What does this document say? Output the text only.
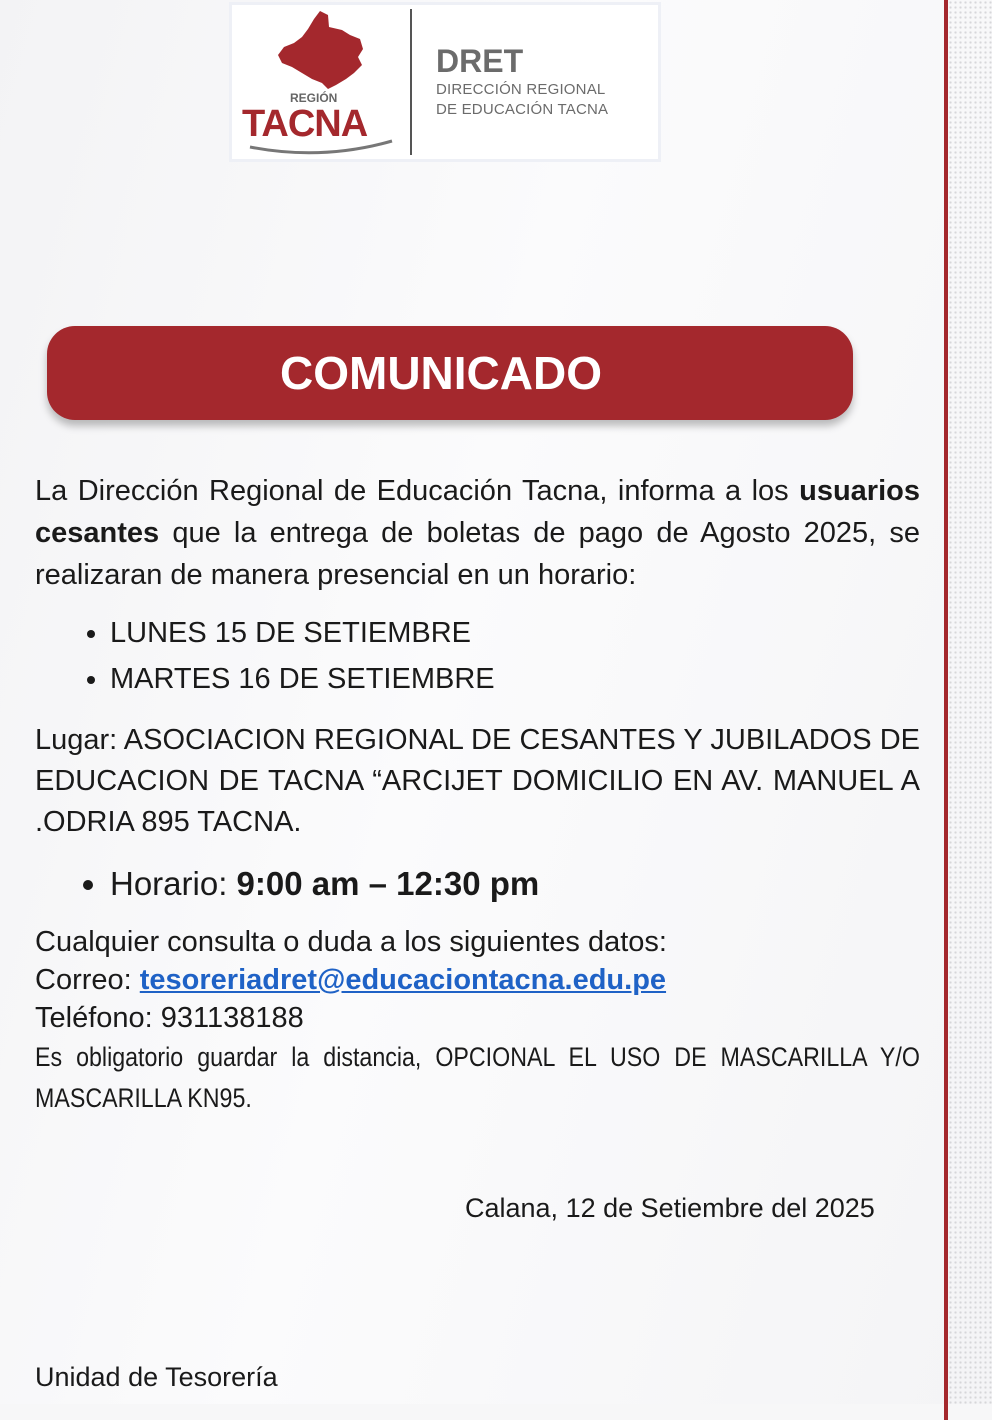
REGIÓN
TACNA
DRET
DIRECCIÓN REGIONAL
DE EDUCACIÓN TACNA
COMUNICADO

La Dirección Regional de Educación Tacna, informa a los usuarios cesantes que la entrega de boletas de pago de Agosto 2025, se realizaran de manera presencial en un horario:

• LUNES 15 DE SETIEMBRE
• MARTES 16 DE SETIEMBRE
Lugar: ASOCIACION REGIONAL DE CESANTES Y JUBILADOS DE EDUCACION DE TACNA “ARCIJET DOMICILIO EN AV. MANUEL A .ODRIA 895 TACNA.
• Horario: 9:00 am – 12:30 pm
Cualquier consulta o duda a los siguientes datos:
Correo: tesoreriadret@educaciontacna.edu.pe
Teléfono: 931138188
Es obligatorio guardar la distancia, OPCIONAL EL USO DE MASCARILLA Y/O MASCARILLA KN95.
Calana, 12 de Setiembre del 2025
Unidad de Tesorería
